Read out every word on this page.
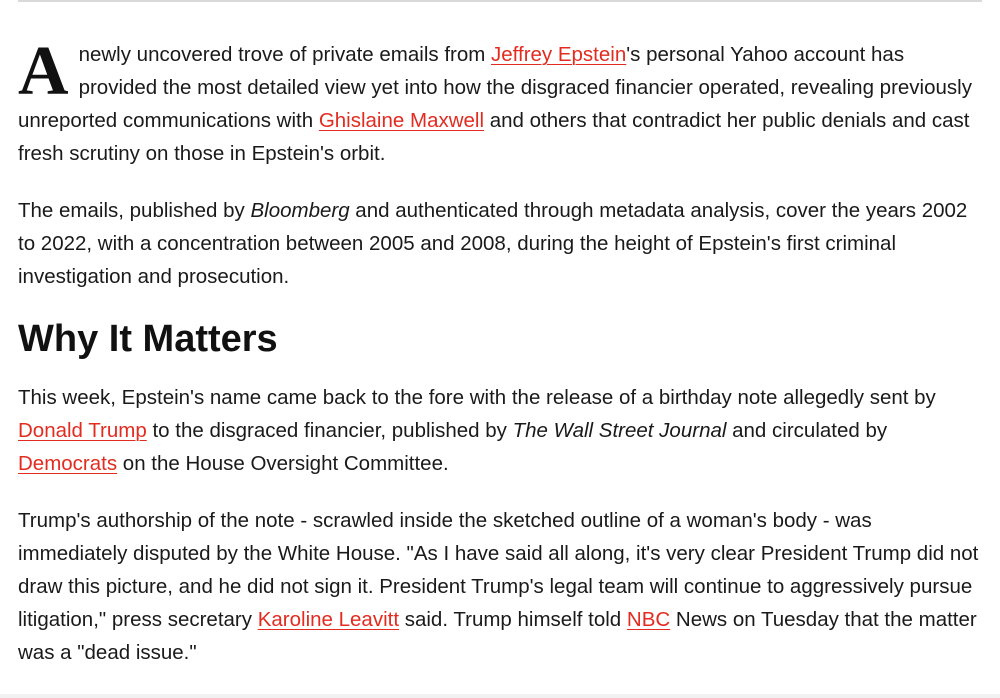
Anewly uncovered trove of private emails from Jeffrey Epstein's personal Yahoo account has provided the most detailed view yet into how the disgraced financier operated, revealing previously unreported communications with Ghislaine Maxwell and others that contradict her public denials and cast fresh scrutiny on those in Epstein's orbit.

The emails, published by Bloomberg and authenticated through metadata analysis, cover the years 2002 to 2022, with a concentration between 2005 and 2008, during the height of Epstein's first criminal investigation and prosecution.

Why It Matters

This week, Epstein's name came back to the fore with the release of a birthday note allegedly sent by Donald Trump to the disgraced financier, published by The Wall Street Journal and circulated by Democrats on the House Oversight Committee.

Trump's authorship of the note - scrawled inside the sketched outline of a woman's body - was immediately disputed by the White House. "As I have said all along, it's very clear President Trump did not draw this picture, and he did not sign it. President Trump's legal team will continue to aggressively pursue litigation," press secretary Karoline Leavitt said. Trump himself told NBC News on Tuesday that the matter was a "dead issue."
